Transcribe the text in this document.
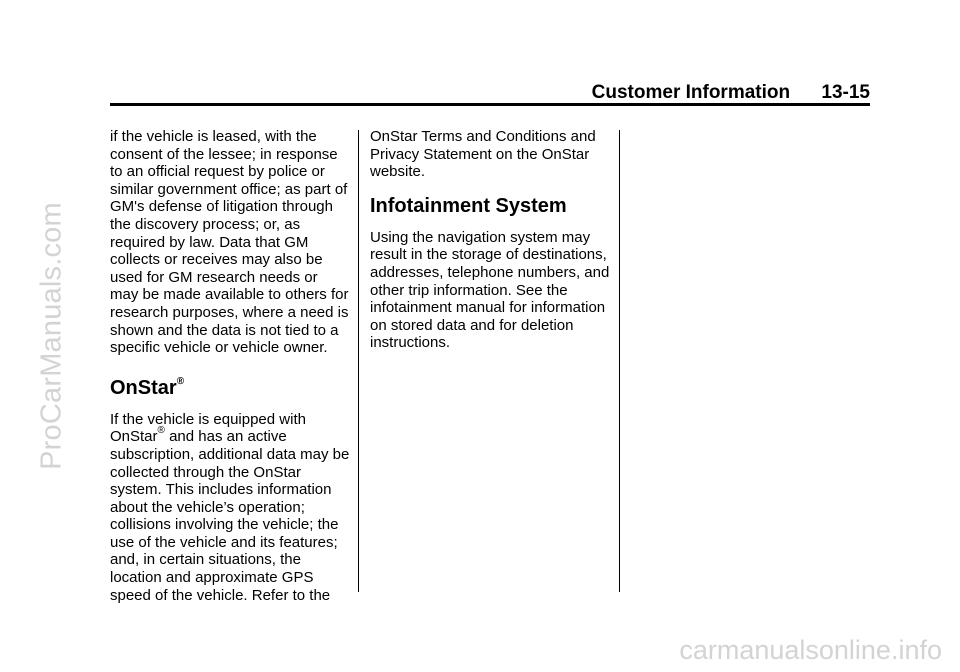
Customer Information 13-15

if the vehicle is leased, with the consent of the lessee; in response to an official request by police or similar government office; as part of GM's defense of litigation through the discovery process; or, as required by law. Data that GM collects or receives may also be used for GM research needs or may be made available to others for research purposes, where a need is shown and the data is not tied to a specific vehicle or vehicle owner.

OnStar®

If the vehicle is equipped with OnStar® and has an active subscription, additional data may be collected through the OnStar system. This includes information about the vehicle’s operation; collisions involving the vehicle; the use of the vehicle and its features; and, in certain situations, the location and approximate GPS speed of the vehicle. Refer to the

OnStar Terms and Conditions and Privacy Statement on the OnStar website.

Infotainment System

Using the navigation system may result in the storage of destinations, addresses, telephone numbers, and other trip information. See the infotainment manual for information on stored data and for deletion instructions.

ProCarManuals.com
carmanualsonline.info
